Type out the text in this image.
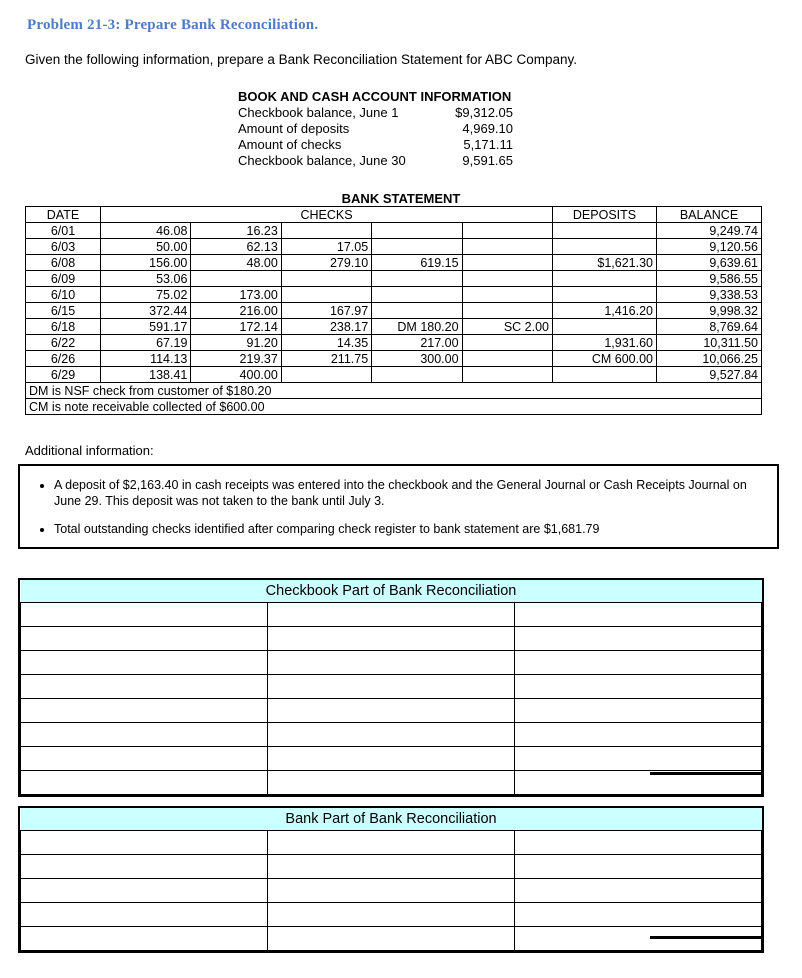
Problem 21-3: Prepare Bank Reconciliation.
Given the following information, prepare a Bank Reconciliation Statement for ABC Company.
BOOK AND CASH ACCOUNT INFORMATION
Checkbook balance, June 1	$9,312.05
Amount of deposits	4,969.10
Amount of checks	5,171.11
Checkbook balance, June 30	9,591.65
BANK STATEMENT
DATE	CHECKS					DEPOSITS	BALANCE
6/01	46.08	16.23					9,249.74
6/03	50.00	62.13	17.05				9,120.56
6/08	156.00	48.00	279.10	619.15		$1,621.30	9,639.61
6/09	53.06						9,586.55
6/10	75.02	173.00					9,338.53
6/15	372.44	216.00	167.97			1,416.20	9,998.32
6/18	591.17	172.14	238.17	DM 180.20	SC 2.00		8,769.64
6/22	67.19	91.20	14.35	217.00		1,931.60	10,311.50
6/26	114.13	219.37	211.75	300.00		CM 600.00	10,066.25
6/29	138.41	400.00					9,527.84
DM is NSF check from customer of $180.20							
CM is note receivable collected of $600.00							
Additional information:
• A deposit of $2,163.40 in cash receipts was entered into the checkbook and the General Journal or Cash Receipts Journal on June 29. This deposit was not taken to the bank until July 3.
• Total outstanding checks identified after comparing check register to bank statement are $1,681.79
Checkbook Part of Bank Reconciliation		

Bank Part of Bank Reconciliation		
